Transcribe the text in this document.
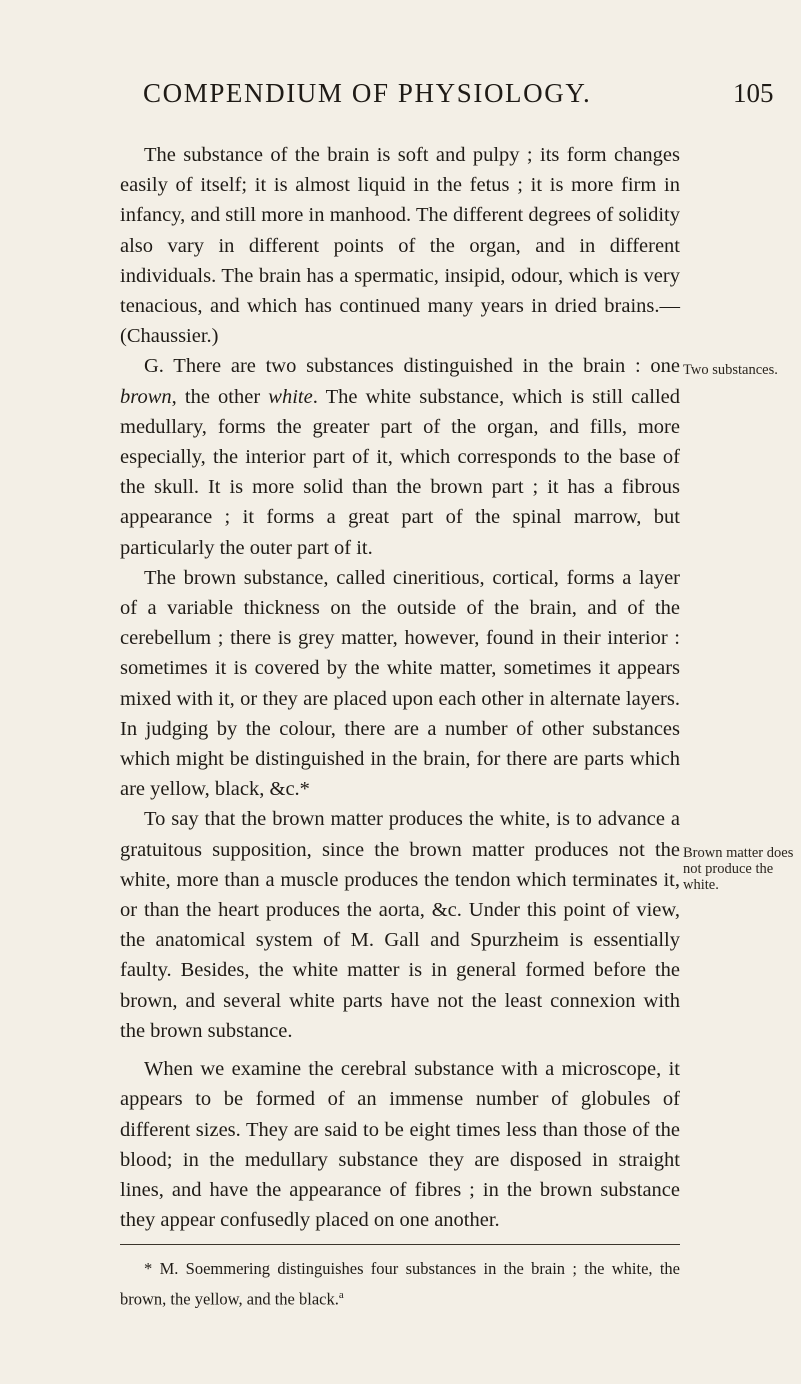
COMPENDIUM OF PHYSIOLOGY.	105

The substance of the brain is soft and pulpy ; its form changes easily of itself; it is almost liquid in the fetus ; it is more firm in infancy, and still more in manhood. The different degrees of solidity also vary in different points of the organ, and in different individuals. The brain has a spermatic, insipid, odour, which is very tenacious, and which has continued many years in dried brains.—(Chaussier.)

G. There are two substances distinguished in the brain : one brown, the other white. The white substance, which is still called medullary, forms the greater part of the organ, and fills, more especially, the interior part of it, which corresponds to the base of the skull. It is more solid than the brown part ; it has a fibrous appearance ; it forms a great part of the spinal marrow, but particularly the outer part of it.

The brown substance, called cineritious, cortical, forms a layer of a variable thickness on the outside of the brain, and of the cerebellum ; there is grey matter, however, found in their interior : sometimes it is covered by the white matter, sometimes it appears mixed with it, or they are placed upon each other in alternate layers. In judging by the colour, there are a number of other substances which might be distinguished in the brain, for there are parts which are yellow, black, &c.*

To say that the brown matter produces the white, is to advance a gratuitous supposition, since the brown matter produces not the white, more than a muscle produces the tendon which terminates it, or than the heart produces the aorta, &c. Under this point of view, the anatomical system of M. Gall and Spurzheim is essentially faulty. Besides, the white matter is in general formed before the brown, and several white parts have not the least connexion with the brown substance.

When we examine the cerebral substance with a microscope, it appears to be formed of an immense number of globules of different sizes. They are said to be eight times less than those of the blood; in the medullary substance they are disposed in straight lines, and have the appearance of fibres ; in the brown substance they appear confusedly placed on one another.

Two substances.
Brown matter does not produce the white.
* M. Soemmering distinguishes four substances in the brain ; the white, the brown, the yellow, and the black.$^a$
